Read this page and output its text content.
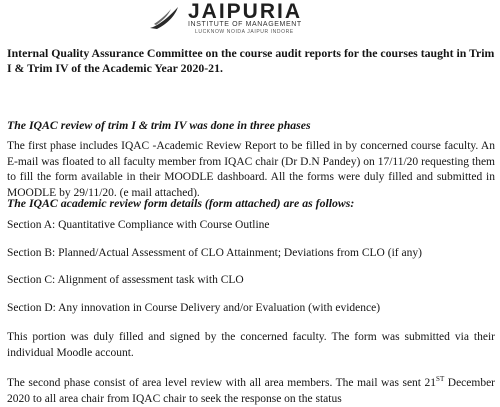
JAIPURIA
INSTITUTE OF MANAGEMENT
LUCKNOW NOIDA JAIPUR INDORE
Internal Quality Assurance Committee on the course audit reports for the courses taught in Trim I & Trim IV of the Academic Year 2020-21.
The IQAC review of trim I & trim IV was done in three phases
The first phase includes IQAC -Academic Review Report to be filled in by concerned course faculty. An E-mail was floated to all faculty member from IQAC chair (Dr D.N Pandey) on 17/11/20 requesting them to fill the form available in their MOODLE dashboard. All the forms were duly filled and submitted in MOODLE by 29/11/20. (e mail attached).
The IQAC academic review form details (form attached) are as follows:
Section A: Quantitative Compliance with Course Outline
Section B: Planned/Actual Assessment of CLO Attainment; Deviations from CLO (if any)
Section C: Alignment of assessment task with CLO
Section D: Any innovation in Course Delivery and/or Evaluation (with evidence)
This portion was duly filled and signed by the concerned faculty. The form was submitted via their individual Moodle account.
The second phase consist of area level review with all area members. The mail was sent 21ST December 2020 to all area chair from IQAC chair to seek the response on the status
